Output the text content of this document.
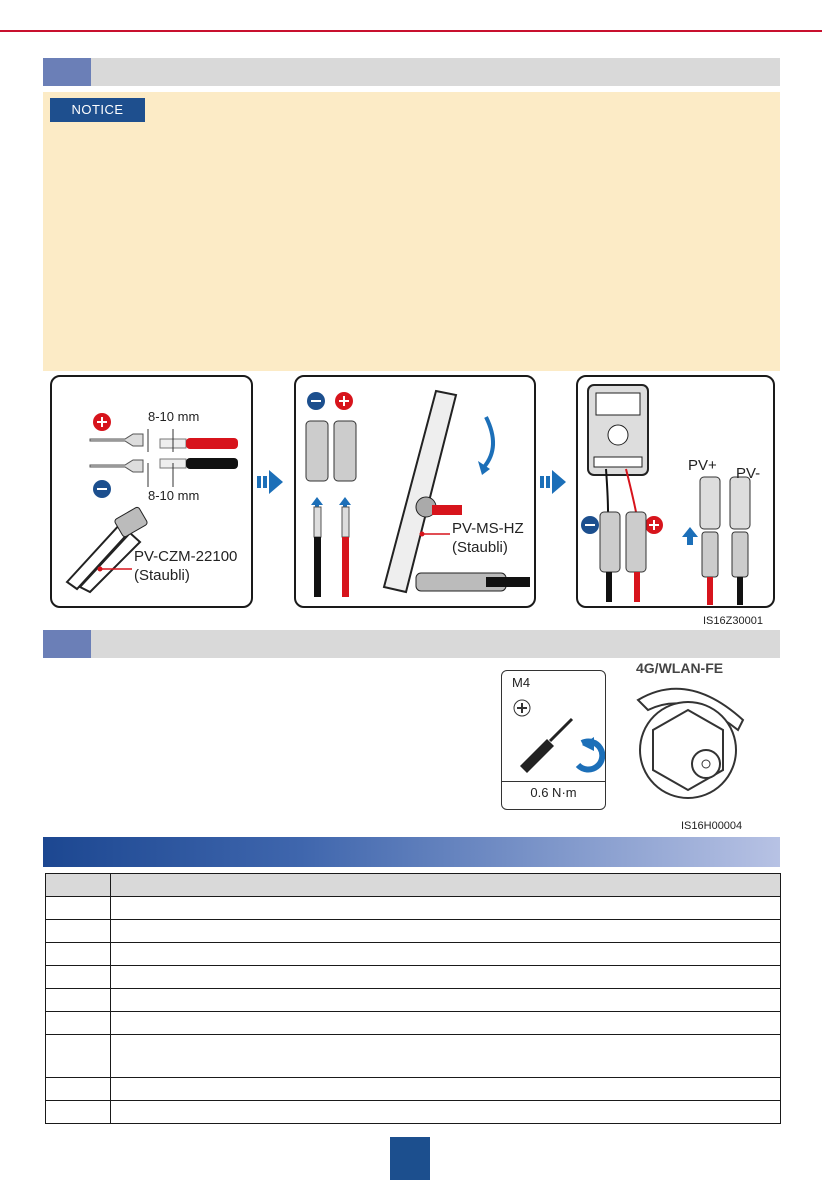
NOTICE
8-10 mm
8-10 mm
PV-CZM-22100
(Staubli)
PV-MS-HZ
(Staubli)
PV+ PV-
IS16Z30001
M4
0.6 N·m
4G/WLAN-FE
IS16H00004
